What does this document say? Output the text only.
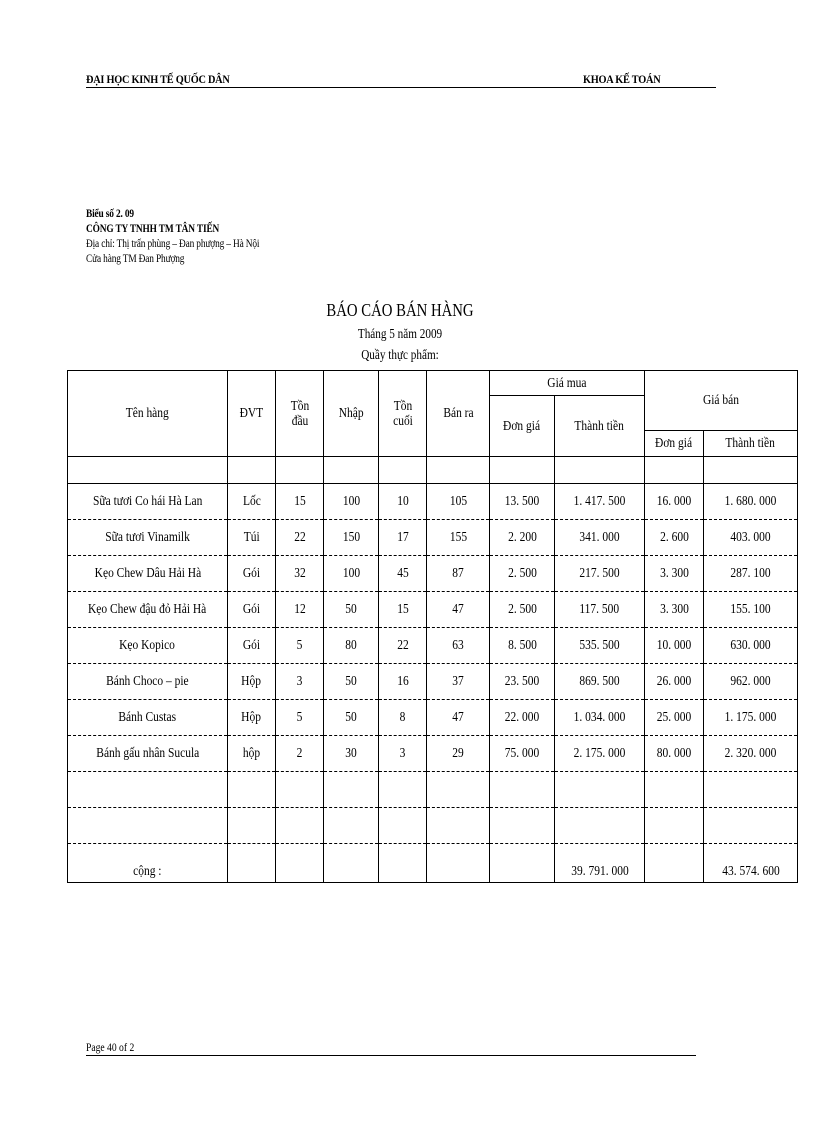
ĐẠI HỌC KINH TẾ QUỐC DÂN	KHOA KẾ TOÁN
Biểu số 2. 09
CÔNG TY TNHH TM TÂN TIẾN
Địa chỉ: Thị trấn phùng – Đan phượng – Hà Nội
Cửa hàng TM Đan Phượng
BÁO CÁO BÁN HÀNG
Tháng 5 năm 2009
Quầy thực phẩm:
Tên hàng	ĐVT	Tồn đầu	Nhập	Tồn cuối	Bán ra	Giá mua		Giá bán	
						Đơn giá	Thành tiền		
								Đơn giá	Thành tiền

Sữa tươi Co hái Hà Lan	Lốc	15	100	10	105	13. 500	1. 417. 500	16. 000	1. 680. 000
Sữa tươi Vinamilk	Túi	22	150	17	155	2. 200	341. 000	2. 600	403. 000
Kẹo Chew Dâu Hải Hà	Gói	32	100	45	87	2. 500	217. 500	3. 300	287. 100
Kẹo Chew đậu đỏ Hải Hà	Gói	12	50	15	47	2. 500	117. 500	3. 300	155. 100
Kẹo Kopico	Gói	5	80	22	63	8. 500	535. 500	10. 000	630. 000
Bánh Choco – pie	Hộp	3	50	16	37	23. 500	869. 500	26. 000	962. 000
Bánh Custas	Hộp	5	50	8	47	22. 000	1. 034. 000	25. 000	1. 175. 000
Bánh gấu nhân Sucula	hộp	2	30	3	29	75. 000	2. 175. 000	80. 000	2. 320. 000

cộng :							39. 791. 000		43. 574. 600
Page 40 of 2
